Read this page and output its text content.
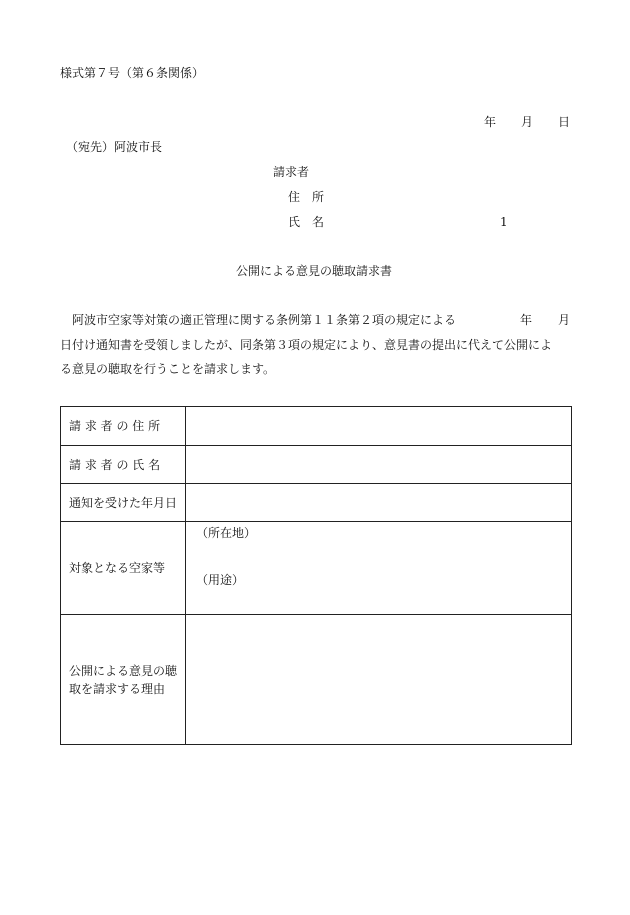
様式第７号（第６条関係）
年 月 日
（宛先）阿波市長
請求者
住　所
氏　名	1
公開による意見の聴取請求書
阿波市空家等対策の適正管理に関する条例第１１条第２項の規定による	年 月
日付け通知書を受領しましたが、同条第３項の規定により、意見書の提出に代えて公開によ
る意見の聴取を行うことを請求します。
請 求 者 の 住 所
請 求 者 の 氏 名
通知を受けた年月日
対象となる空家等
（所在地）
（用途）
公開による意見の聴取を請求する理由
